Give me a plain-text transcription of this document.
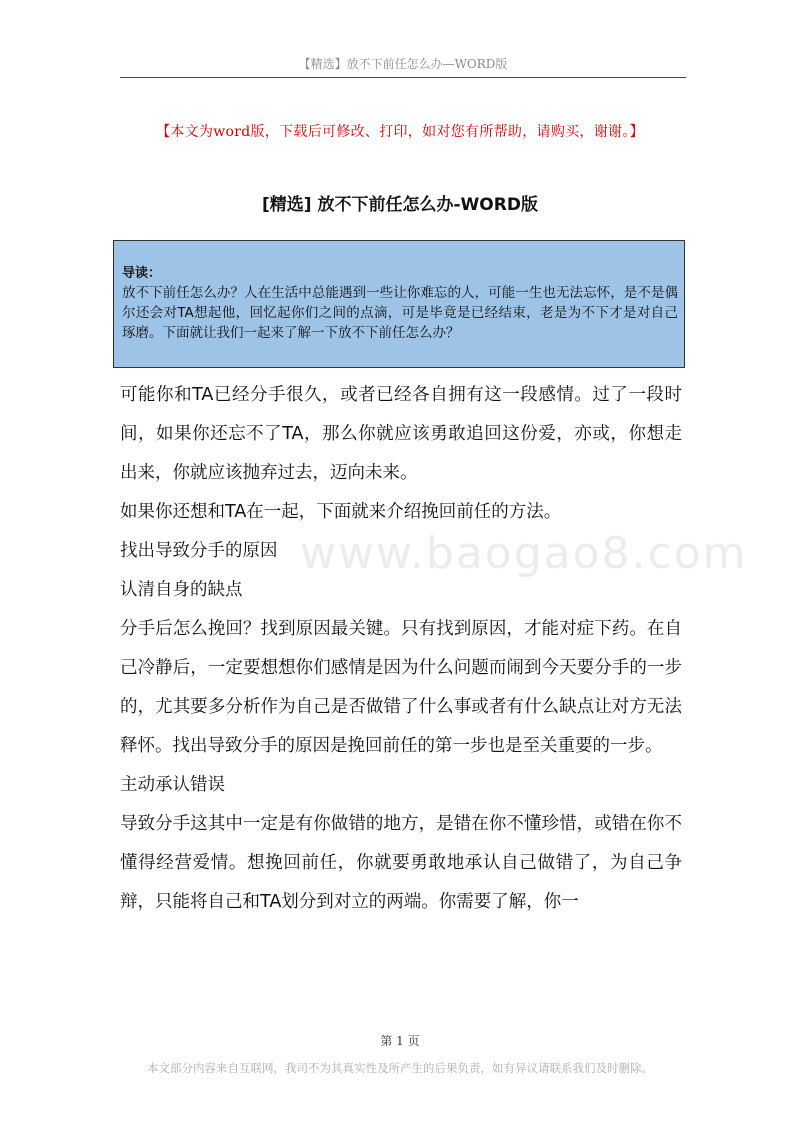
【精选】放不下前任怎么办—WORD版
【本文为word版，下载后可修改、打印，如对您有所帮助，请购买，谢谢。】
[精选] 放不下前任怎么办-WORD版
导读：
放不下前任怎么办？人在生活中总能遇到一些让你难忘的人，可能一生也无法忘怀，是不是偶尔还会对TA想起他，回忆起你们之间的点滴，可是毕竟是已经结束，老是为不下才是对自己琢磨。下面就让我们一起来了解一下放不下前任怎么办？
www.baogao8.com

可能你和TA已经分手很久，或者已经各自拥有这一段感情。过了一段时间，如果你还忘不了TA，那么你就应该勇敢追回这份爱，亦或，你想走出来，你就应该抛弃过去，迈向未来。

如果你还想和TA在一起，下面就来介绍挽回前任的方法。

找出导致分手的原因

认清自身的缺点

分手后怎么挽回？找到原因最关键。只有找到原因，才能对症下药。在自己冷静后，一定要想想你们感情是因为什么问题而闹到今天要分手的一步的，尤其要多分析作为自己是否做错了什么事或者有什么缺点让对方无法释怀。找出导致分手的原因是挽回前任的第一步也是至关重要的一步。

主动承认错误

导致分手这其中一定是有你做错的地方，是错在你不懂珍惜，或错在你不懂得经营爱情。想挽回前任，你就要勇敢地承认自己做错了，为自己争辩，只能将自己和TA划分到对立的两端。你需要了解，你一

第 1 页
本文部分内容来自互联网，我司不为其真实性及所产生的后果负责，如有异议请联系我们及时删除。
